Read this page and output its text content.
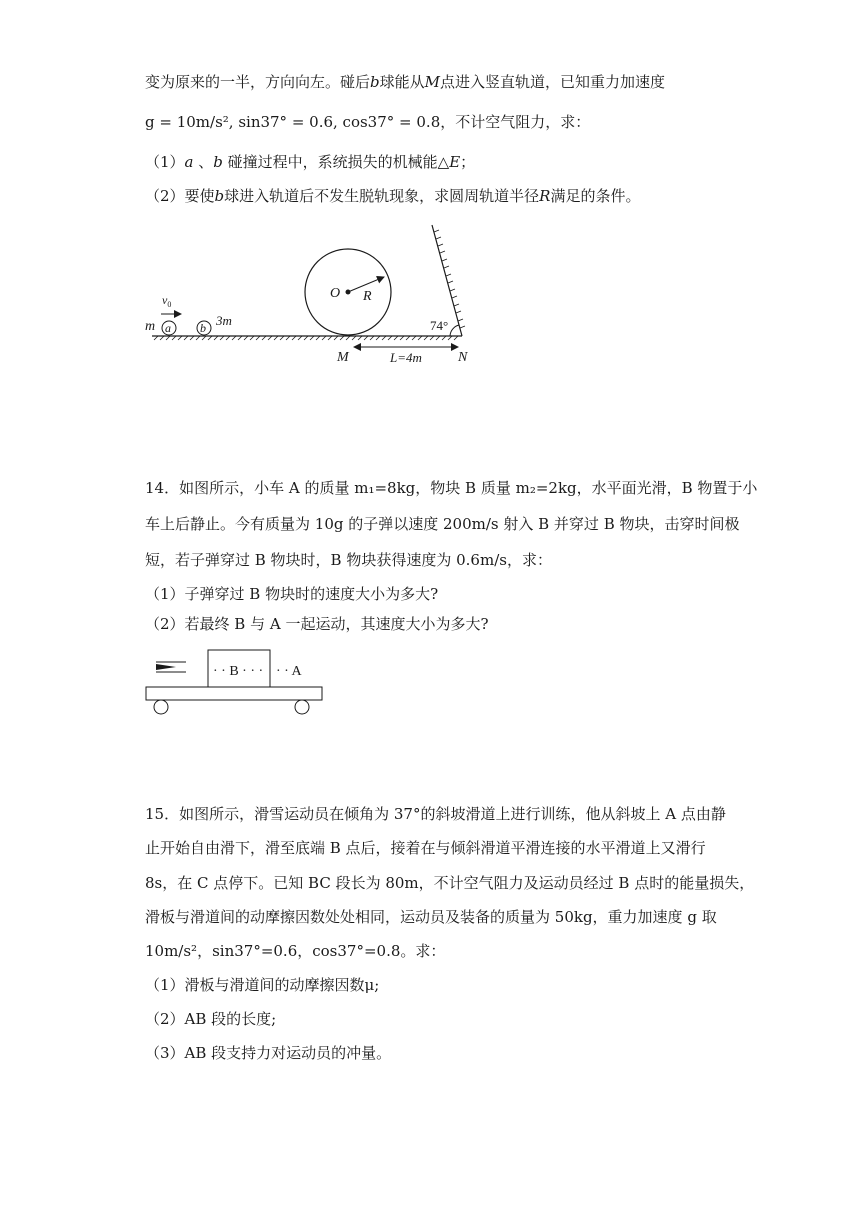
变为原来的一半，方向向左。碰后b球能从M点进入竖直轨道，已知重力加速度
g = 10m/s², sin37° = 0.6, cos37° = 0.8，不计空气阻力，求：
（1）a 、b 碰撞过程中，系统损失的机械能△E；
（2）要使b球进入轨道后不发生脱轨现象，求圆周轨道半径R满足的条件。
74°
O R
m a b 3m
$v_0$
M	N
L=4m
14．如图所示，小车 A 的质量 m₁=8kg，物块 B 质量 m₂=2kg，水平面光滑，B 物置于小
车上后静止。今有质量为 10g 的子弹以速度 200m/s 射入 B 并穿过 B 物块，击穿时间极
短，若子弹穿过 B 物块时，B 物块获得速度为 0.6m/s，求：
（1）子弹穿过 B 物块时的速度大小为多大?
（2）若最终 B 与 A 一起运动，其速度大小为多大?
· · B · · · · · A
15．如图所示，滑雪运动员在倾角为 37°的斜坡滑道上进行训练，他从斜坡上 A 点由静
止开始自由滑下，滑至底端 B 点后，接着在与倾斜滑道平滑连接的水平滑道上又滑行
8s，在 C 点停下。已知 BC 段长为 80m，不计空气阻力及运动员经过 B 点时的能量损失，
滑板与滑道间的动摩擦因数处处相同，运动员及装备的质量为 50kg，重力加速度 g 取
10m/s²，sin37°=0.6，cos37°=0.8。求：
（1）滑板与滑道间的动摩擦因数μ;
（2）AB 段的长度;
（3）AB 段支持力对运动员的冲量。
